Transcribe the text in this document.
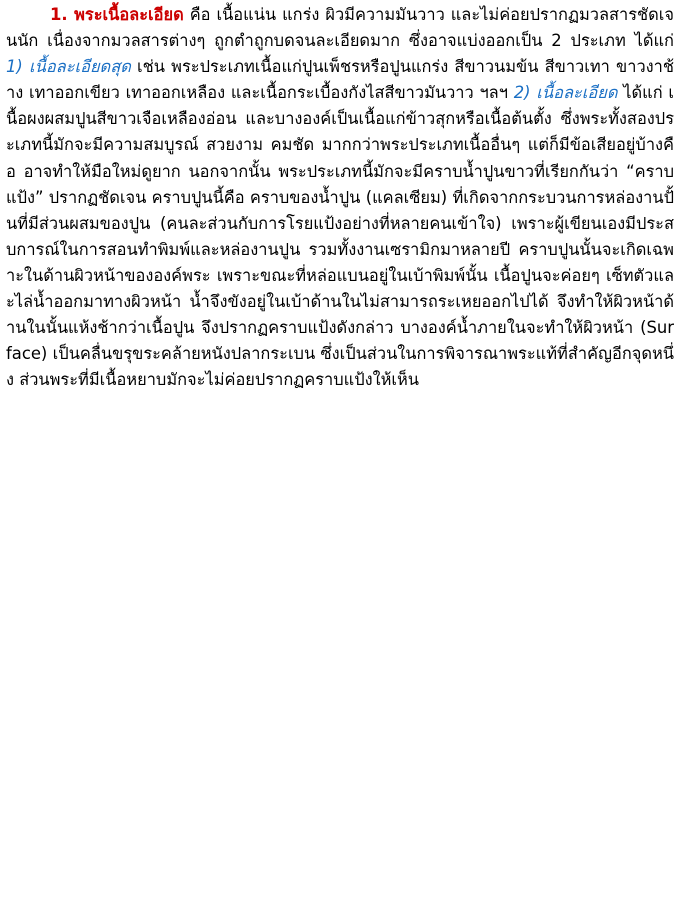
1. พระเนื้อละเอียด คือ เนื้อแน่น แกร่ง ผิวมีความมันวาว และไม่ค่อยปรากฏมวลสารชัดเจนนัก เนื่องจากมวลสารต่างๆ ถูกตำถูกบดจนละเอียดมาก ซึ่งอาจแบ่งออกเป็น 2 ประเภท ได้แก่ 1) เนื้อละเอียดสุด เช่น พระประเภทเนื้อแก่ปูนเพ็ชรหรือปูนแกร่ง สีขาวนมข้น สีขาวเทา ขาวงาช้าง เทาออกเขียว เทาออกเหลือง และเนื้อกระเบื้องกังไสสีขาวมันวาว ฯลฯ 2) เนื้อละเอียด ได้แก่ เนื้อผงผสมปูนสีขาวเจือเหลืองอ่อน และบางองค์เป็นเนื้อแก่ข้าวสุกหรือเนื้อต้นตั้ง ซึ่งพระทั้งสองประเภทนี้มักจะมีความสมบูรณ์ สวยงาม คมชัด มากกว่าพระประเภทเนื้ออื่นๆ แต่ก็มีข้อเสียอยู่บ้างคือ อาจทำให้มือใหม่ดูยาก นอกจากนั้น พระประเภทนี้มักจะมีคราบน้ำปูนขาวที่เรียกกันว่า “คราบแป้ง” ปรากฏชัดเจน คราบปูนนี้คือ คราบของน้ำปูน (แคลเซียม) ที่เกิดจากกระบวนการหล่องานปั้นที่มีส่วนผสมของปูน (คนละส่วนกับการโรยแป้งอย่างที่หลายคนเข้าใจ) เพราะผู้เขียนเองมีประสบการณ์ในการสอนทำพิมพ์และหล่องานปูน รวมทั้งงานเซรามิกมาหลายปี คราบปูนนั้นจะเกิดเฉพาะในด้านผิวหน้าขององค์พระ เพราะขณะที่หล่อแบนอยู่ในเบ้าพิมพ์นั้น เนื้อปูนจะค่อยๆ เซ็ทตัวและไล่น้ำออกมาทางผิวหน้า น้ำจึงขังอยู่ในเบ้าด้านในไม่สามารถระเหยออกไปได้ จึงทำให้ผิวหน้าด้านในนั้นแห้งช้ากว่าเนื้อปูน จึงปรากฏคราบแป้งดังกล่าว บางองค์น้ำภายในจะทำให้ผิวหน้า (Surface) เป็นคลื่นขรุขระคล้ายหนังปลากระเบน ซึ่งเป็นส่วนในการพิจารณาพระแท้ที่สำคัญอีกจุดหนึ่ง ส่วนพระที่มีเนื้อหยาบมักจะไม่ค่อยปรากฏคราบแป้งให้เห็น
